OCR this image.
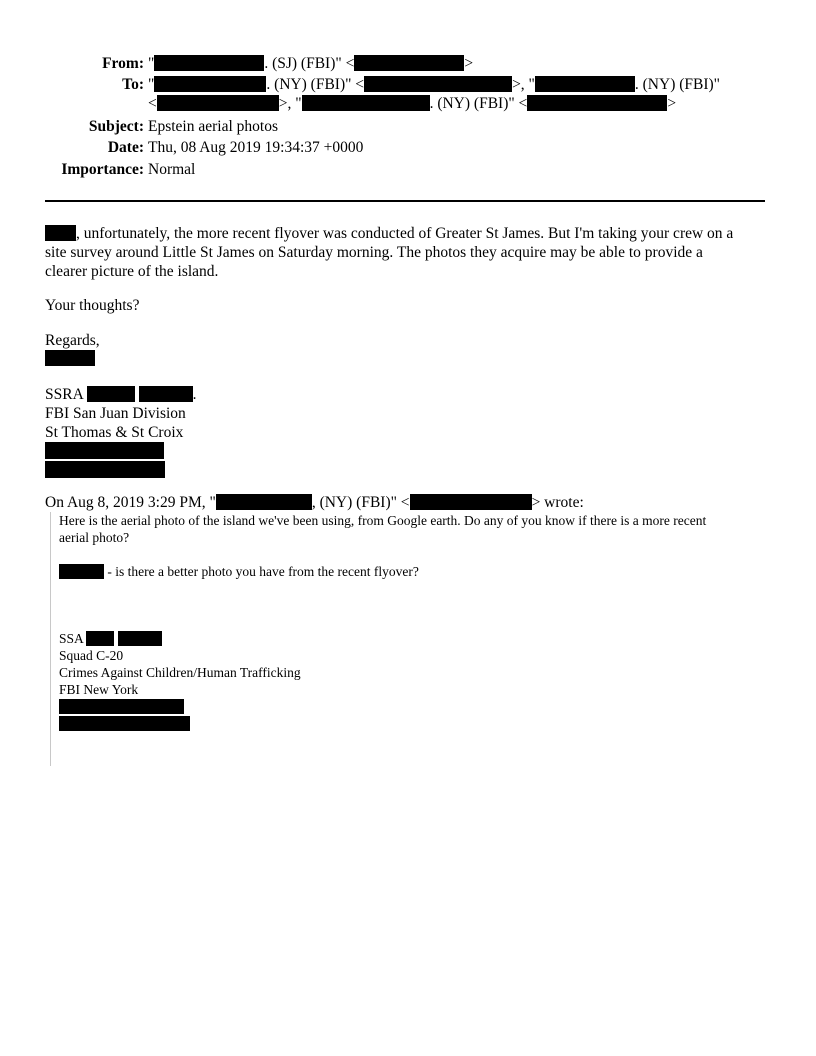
From: "	. (SJ) (FBI)" <	>
To: "	. (NY) (FBI)" <	>, "	. (NY) (FBI)"
<	>, "	. (NY) (FBI)" <	>
Subject: Epstein aerial photos
Date: Thu, 08 Aug 2019 19:34:37 +0000
Importance: Normal
, unfortunately, the more recent flyover was conducted of Greater St James. But I'm taking your crew on a
site survey around Little St James on Saturday morning. The photos they acquire may be able to provide a
clearer picture of the island.
Your thoughts?
Regards,
SSRA	.
FBI San Juan Division
St Thomas & St Croix
On Aug 8, 2019 3:29 PM, "	, (NY) (FBI)" <	> wrote:
Here is the aerial photo of the island we've been using, from Google earth. Do any of you know if there is a more recent
aerial photo?
- is there a better photo you have from the recent flyover?
SSA
Squad C-20
Crimes Against Children/Human Trafficking
FBI New York
